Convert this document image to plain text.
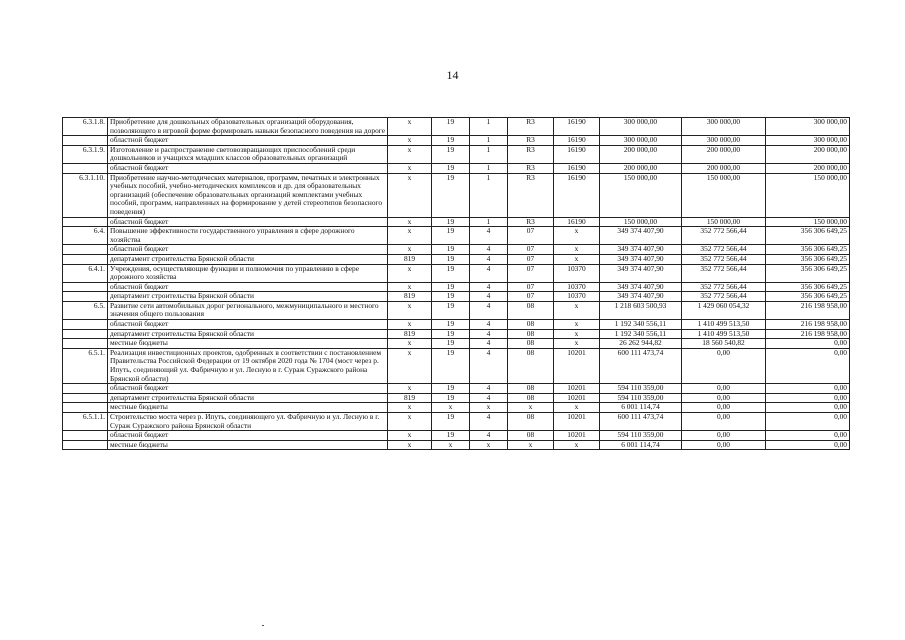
14
6.3.1.8.	Приобретение для дошкольных образовательных организаций оборудования, позволяющего в игровой форме формировать навыки безопасного поведения на дороге	x	19	1	R3	16190	300 000,00	300 000,00	300 000,00
	областной бюджет	x	19	1	R3	16190	300 000,00	300 000,00	300 000,00
6.3.1.9.	Изготовление и распространение световозвращающих приспособлений среди дошкольников и учащихся младших классов образовательных организаций	x	19	1	R3	16190	200 000,00	200 000,00	200 000,00
	областной бюджет	x	19	1	R3	16190	200 000,00	200 000,00	200 000,00
6.3.1.10.	Приобретение научно-методических материалов, программ, печатных и электронных учебных пособий, учебно-методических комплексов и др. для образовательных организаций (обеспечение образовательных организаций комплектами учебных пособий, программ, направленных на формирование у детей стереотипов безопасного поведения)	x	19	1	R3	16190	150 000,00	150 000,00	150 000,00
	областной бюджет	x	19	1	R3	16190	150 000,00	150 000,00	150 000,00
6.4.	Повышение эффективности государственного управления в сфере дорожного хозяйства	x	19	4	07	x	349 374 407,90	352 772 566,44	356 306 649,25
	областной бюджет	x	19	4	07	x	349 374 407,90	352 772 566,44	356 306 649,25
	департамент строительства Брянской области	819	19	4	07	x	349 374 407,90	352 772 566,44	356 306 649,25
6.4.1.	Учреждения, осуществляющие функции и полномочия по управлению в сфере дорожного хозяйства	x	19	4	07	10370	349 374 407,90	352 772 566,44	356 306 649,25
	областной бюджет	x	19	4	07	10370	349 374 407,90	352 772 566,44	356 306 649,25
	департамент строительства Брянской области	819	19	4	07	10370	349 374 407,90	352 772 566,44	356 306 649,25
6.5.	Развитие сети автомобильных дорог регионального, межмуниципального и местного значения общего пользования	x	19	4	08	x	1 218 603 500,93	1 429 060 054,32	216 198 958,00
	областной бюджет	x	19	4	08	x	1 192 340 556,11	1 410 499 513,50	216 198 958,00
	департамент строительства Брянской области	819	19	4	08	x	1 192 340 556,11	1 410 499 513,50	216 198 958,00
	местные бюджеты	x	19	4	08	x	26 262 944,82	18 560 540,82	0,00
6.5.1.	Реализация инвестиционных проектов, одобренных в соответствии с постановлением Правительства Российской Федерации от 19 октября 2020 года № 1704 (мост через р. Ипуть, соединяющий ул. Фабричную и ул. Лесную в г. Сураж Суражского района Брянской области)	x	19	4	08	10201	600 111 473,74	0,00	0,00
	областной бюджет	x	19	4	08	10201	594 110 359,00	0,00	0,00
	департамент строительства Брянской области	819	19	4	08	10201	594 110 359,00	0,00	0,00
	местные бюджеты	x	x	x	x	x	6 001 114,74	0,00	0,00
6.5.1.1.	Строительство моста через р. Ипуть, соединяющего ул. Фабричную и ул. Лесную в г. Сураж Суражского района Брянской области	x	19	4	08	10201	600 111 473,74	0,00	0,00
	областной бюджет	x	19	4	08	10201	594 110 359,00	0,00	0,00
	местные бюджеты	x	x	x	x	x	6 001 114,74	0,00	0,00
